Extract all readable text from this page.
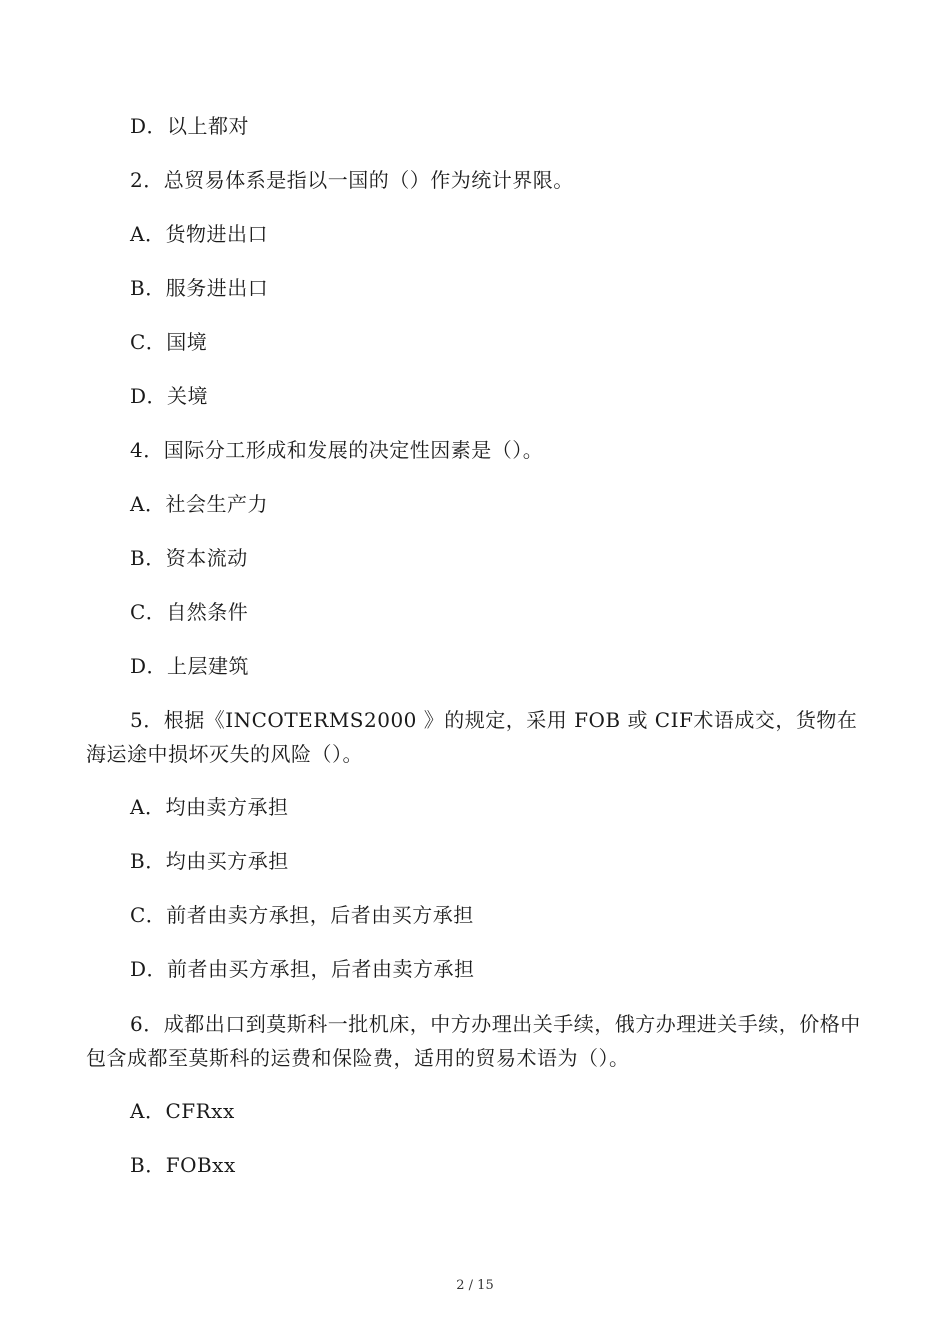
D．以上都对
2．总贸易体系是指以一国的（）作为统计界限。
A．货物进出口
B．服务进出口
C．国境
D．关境
4．国际分工形成和发展的决定性因素是（）。
A．社会生产力
B．资本流动
C．自然条件
D．上层建筑
5．根据《INCOTERMS2000 》的规定，采用 FOB 或 CIF术语成交，货物在海运途中损坏灭失的风险（）。
A．均由卖方承担
B．均由买方承担
C．前者由卖方承担，后者由买方承担
D．前者由买方承担，后者由卖方承担
6．成都出口到莫斯科一批机床，中方办理出关手续，俄方办理进关手续，价格中包含成都至莫斯科的运费和保险费，适用的贸易术语为（）。
A．CFRxx
B．FOBxx
2 / 15
